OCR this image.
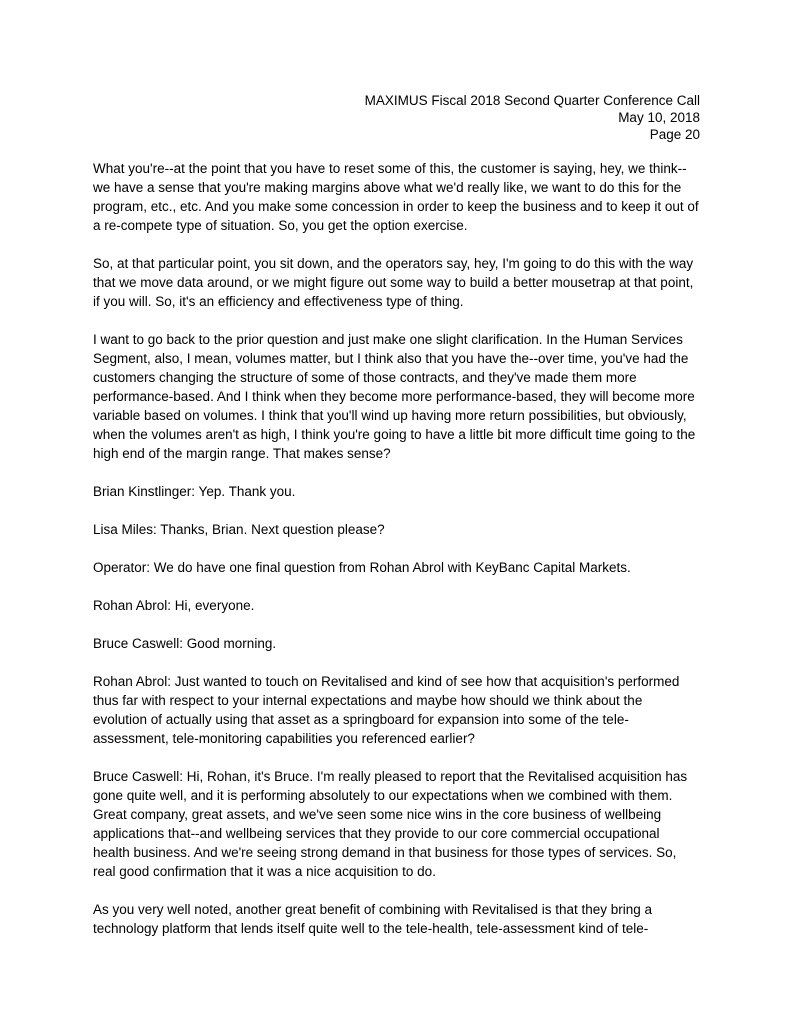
MAXIMUS Fiscal 2018 Second Quarter Conference Call
May 10, 2018
Page 20

What you're--at the point that you have to reset some of this, the customer is saying, hey, we think--we have a sense that you're making margins above what we'd really like, we want to do this for the program, etc., etc. And you make some concession in order to keep the business and to keep it out of a re-compete type of situation. So, you get the option exercise.

So, at that particular point, you sit down, and the operators say, hey, I'm going to do this with the way that we move data around, or we might figure out some way to build a better mousetrap at that point, if you will. So, it's an efficiency and effectiveness type of thing.

I want to go back to the prior question and just make one slight clarification. In the Human Services Segment, also, I mean, volumes matter, but I think also that you have the--over time, you've had the customers changing the structure of some of those contracts, and they've made them more performance-based. And I think when they become more performance-based, they will become more variable based on volumes. I think that you'll wind up having more return possibilities, but obviously, when the volumes aren't as high, I think you're going to have a little bit more difficult time going to the high end of the margin range. That makes sense?

Brian Kinstlinger: Yep. Thank you.

Lisa Miles: Thanks, Brian. Next question please?

Operator: We do have one final question from Rohan Abrol with KeyBanc Capital Markets.

Rohan Abrol: Hi, everyone.

Bruce Caswell: Good morning.

Rohan Abrol: Just wanted to touch on Revitalised and kind of see how that acquisition's performed thus far with respect to your internal expectations and maybe how should we think about the evolution of actually using that asset as a springboard for expansion into some of the tele-assessment, tele-monitoring capabilities you referenced earlier?

Bruce Caswell: Hi, Rohan, it's Bruce. I'm really pleased to report that the Revitalised acquisition has gone quite well, and it is performing absolutely to our expectations when we combined with them. Great company, great assets, and we've seen some nice wins in the core business of wellbeing applications that--and wellbeing services that they provide to our core commercial occupational health business. And we're seeing strong demand in that business for those types of services. So, real good confirmation that it was a nice acquisition to do.

As you very well noted, another great benefit of combining with Revitalised is that they bring a technology platform that lends itself quite well to the tele-health, tele-assessment kind of tele-
